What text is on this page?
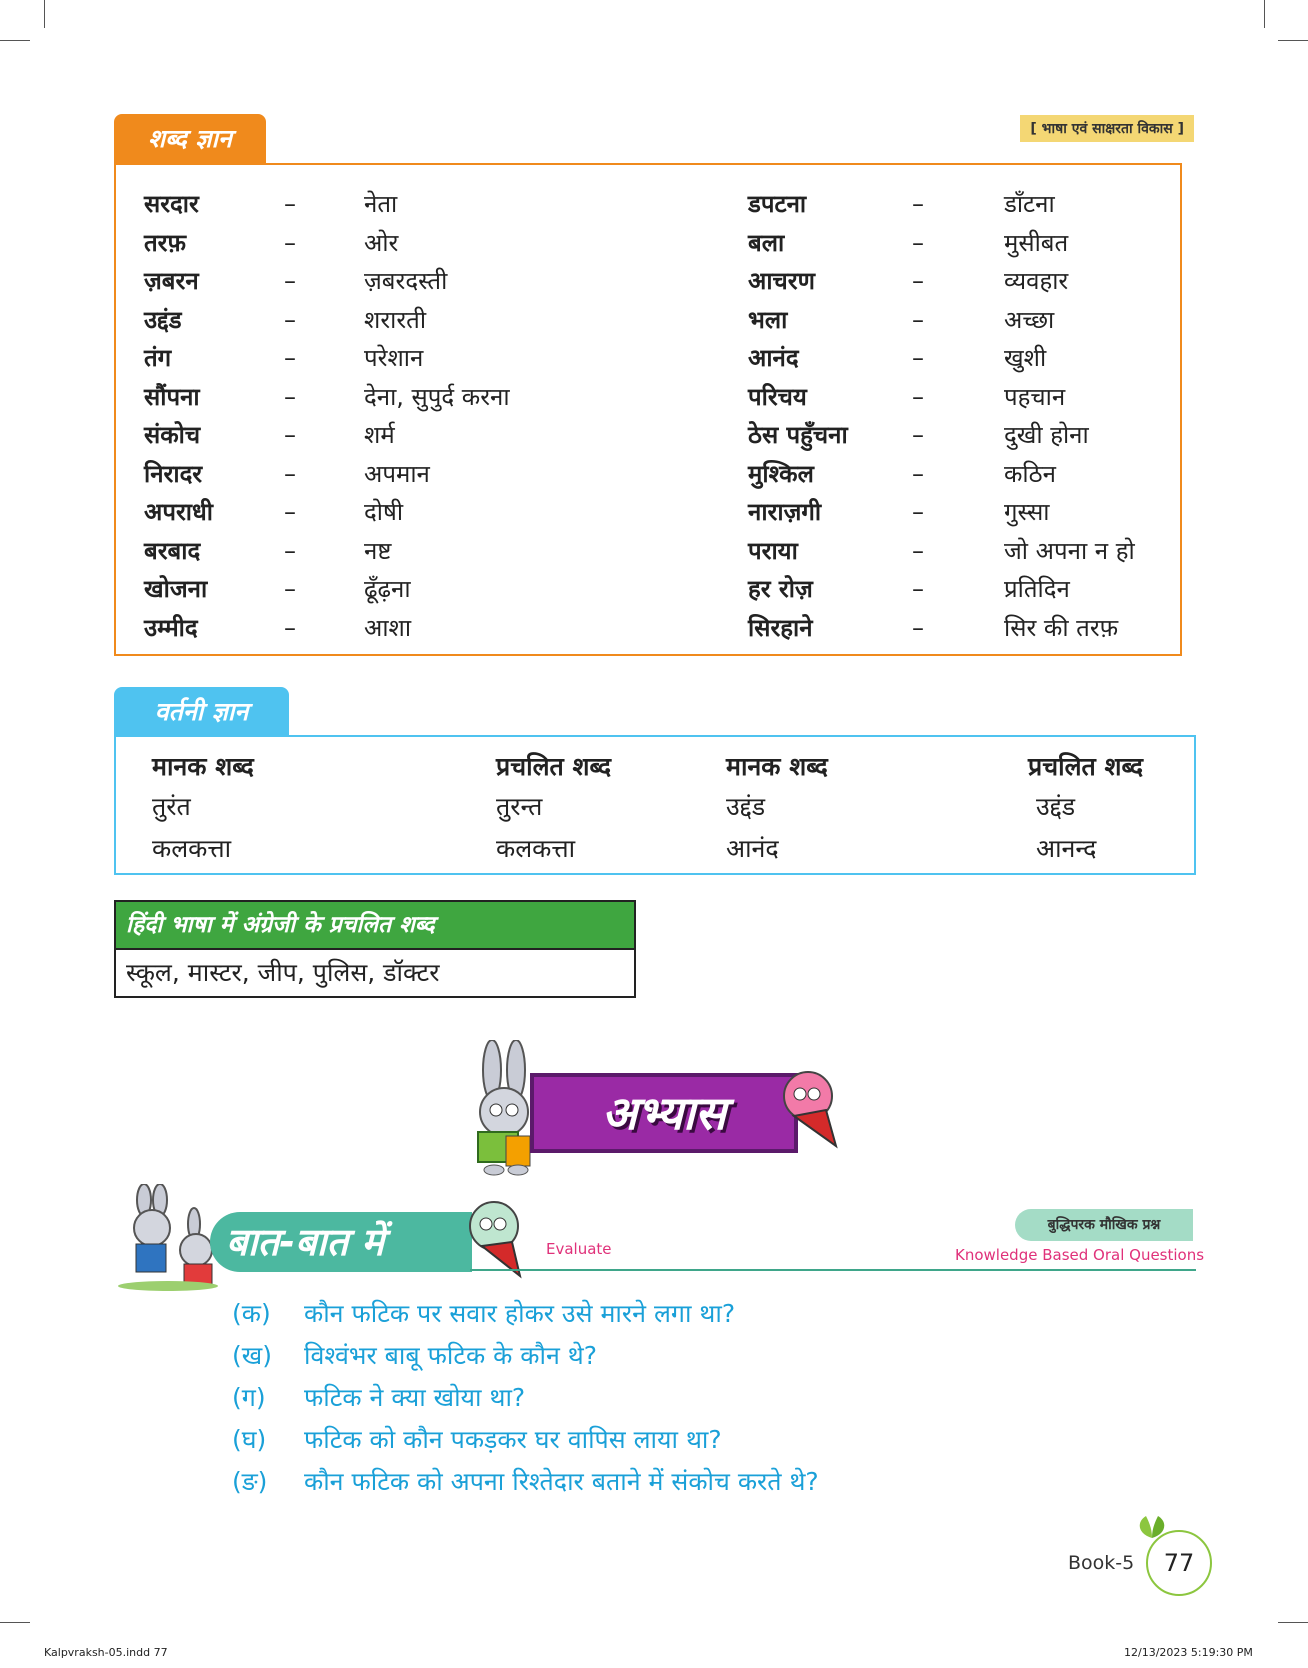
शब्द ज्ञान	[ भाषा एवं साक्षरता विकास ]
सरदार	–	नेता
तरफ़	–	ओर
ज़बरन	–	ज़बरदस्ती
उद्दंड	–	शरारती
तंग	–	परेशान
सौंपना	–	देना, सुपुर्द करना
संकोच	–	शर्म
निरादर	–	अपमान
अपराधी	–	दोषी
बरबाद	–	नष्ट
खोजना	–	ढूँढ़ना
उम्मीद	–	आशा
डपटना	–	डाँटना
बला	–	मुसीबत
आचरण	–	व्यवहार
भला	–	अच्छा
आनंद	–	खुशी
परिचय	–	पहचान
ठेस पहुँचना	–	दुखी होना
मुश्किल	–	कठिन
नाराज़गी	–	गुस्सा
पराया	–	जो अपना न हो
हर रोज़	–	प्रतिदिन
सिरहाने	–	सिर की तरफ़
वर्तनी ज्ञान
मानक शब्द	प्रचलित शब्द	मानक शब्द	प्रचलित शब्द
तुरंत	तुरन्त	उद्दंड	उद्दंड
कलकत्ता	कलकत्ता	आनंद	आनन्द
हिंदी भाषा में अंग्रेजी के प्रचलित शब्द
स्कूल, मास्टर, जीप, पुलिस, डॉक्टर
अभ्यास
बात-बात में	Evaluate
बुद्धिपरक मौखिक प्रश्न
Knowledge Based Oral Questions
(क) कौन फटिक पर सवार होकर उसे मारने लगा था?
(ख) विश्वंभर बाबू फटिक के कौन थे?
(ग) फटिक ने क्या खोया था?
(घ) फटिक को कौन पकड़कर घर वापिस लाया था?
(ङ) कौन फटिक को अपना रिश्तेदार बताने में संकोच करते थे?
Book-5	77
Kalpvraksh-05.indd 77	12/13/2023 5:19:30 PM
